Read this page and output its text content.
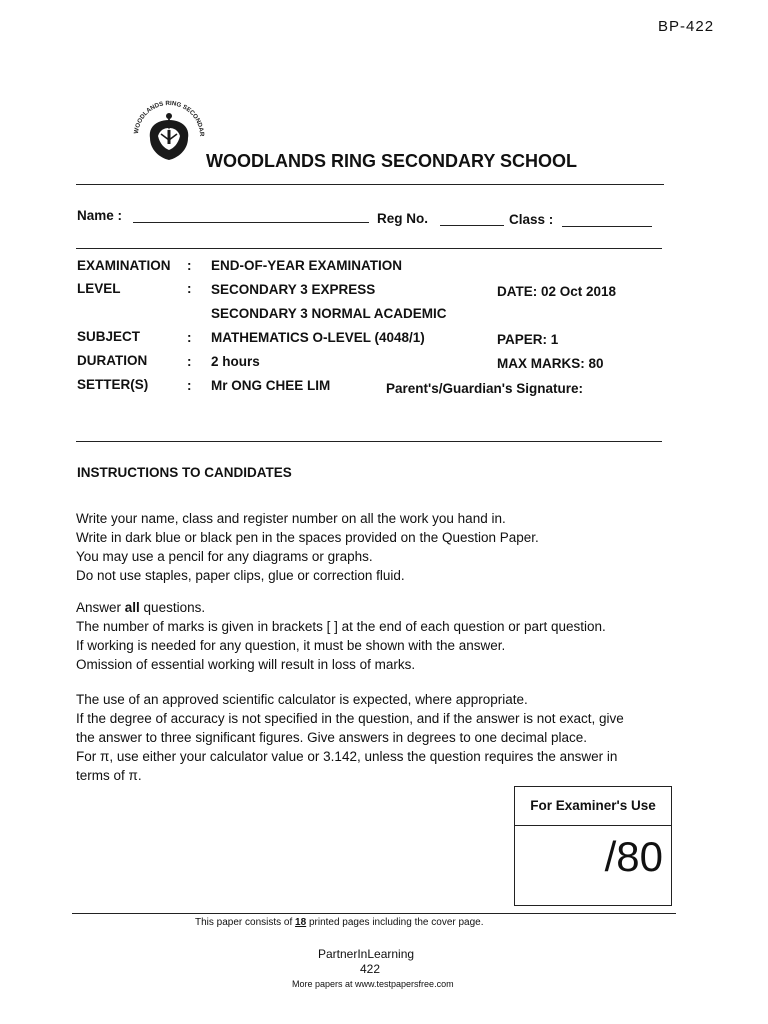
BP-422
WOODLANDS RING SECONDAR
WOODLANDS RING SECONDARY SCHOOL
Name :	Reg No.	Class :
EXAMINATION : END-OF-YEAR EXAMINATION
LEVEL	: SECONDARY 3 EXPRESS	DATE: 02 Oct 2018
SECONDARY 3 NORMAL ACADEMIC
SUBJECT	: MATHEMATICS O-LEVEL (4048/1)	PAPER: 1
DURATION	: 2 hours	MAX MARKS: 80
SETTER(S)	: Mr ONG CHEE LIM	Parent's/Guardian's Signature:
INSTRUCTIONS TO CANDIDATES
Write your name, class and register number on all the work you hand in.
Write in dark blue or black pen in the spaces provided on the Question Paper.
You may use a pencil for any diagrams or graphs.
Do not use staples, paper clips, glue or correction fluid.
Answer all questions.
The number of marks is given in brackets [ ] at the end of each question or part question.
If working is needed for any question, it must be shown with the answer.
Omission of essential working will result in loss of marks.
The use of an approved scientific calculator is expected, where appropriate.
If the degree of accuracy is not specified in the question, and if the answer is not exact, give
the answer to three significant figures. Give answers in degrees to one decimal place.
For π, use either your calculator value or 3.142, unless the question requires the answer in
terms of π.
For Examiner's Use
/80
This paper consists of 18 printed pages including the cover page.
PartnerInLearning
422
More papers at www.testpapersfree.com
